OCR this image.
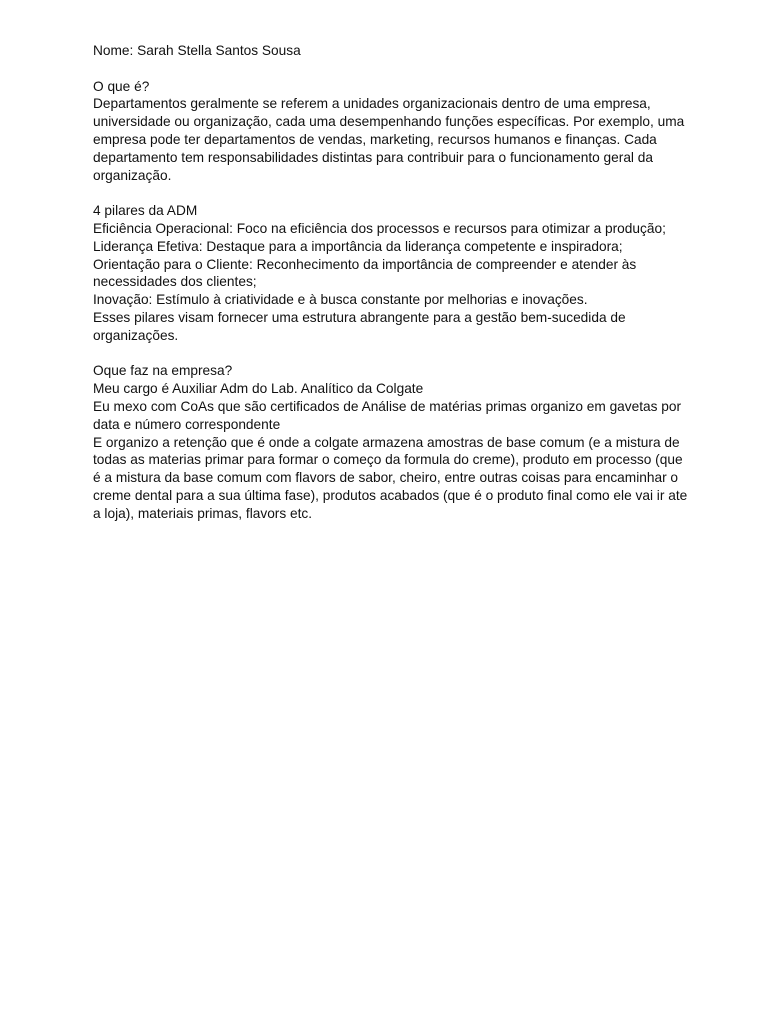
Nome: Sarah Stella Santos Sousa

O que é?

Departamentos geralmente se referem a unidades organizacionais dentro de uma empresa, universidade ou organização, cada uma desempenhando funções específicas. Por exemplo, uma empresa pode ter departamentos de vendas, marketing, recursos humanos e finanças. Cada departamento tem responsabilidades distintas para contribuir para o funcionamento geral da organização.

4 pilares da ADM

Eficiência Operacional: Foco na eficiência dos processos e recursos para otimizar a produção;

Liderança Efetiva: Destaque para a importância da liderança competente e inspiradora;

Orientação para o Cliente: Reconhecimento da importância de compreender e atender às necessidades dos clientes;

Inovação: Estímulo à criatividade e à busca constante por melhorias e inovações.

Esses pilares visam fornecer uma estrutura abrangente para a gestão bem-sucedida de organizações.

Oque faz na empresa?

Meu cargo é Auxiliar Adm do Lab. Analítico da Colgate

Eu mexo com CoAs que são certificados de Análise de matérias primas organizo em gavetas por data e número correspondente

E organizo a retenção que é onde a colgate armazena amostras de base comum (e a mistura de todas as materias primar para formar o começo da formula do creme), produto em processo (que é a mistura da base comum com flavors de sabor, cheiro, entre outras coisas para encaminhar o creme dental para a sua última fase), produtos acabados (que é o produto final como ele vai ir ate a loja), materiais primas, flavors etc.
